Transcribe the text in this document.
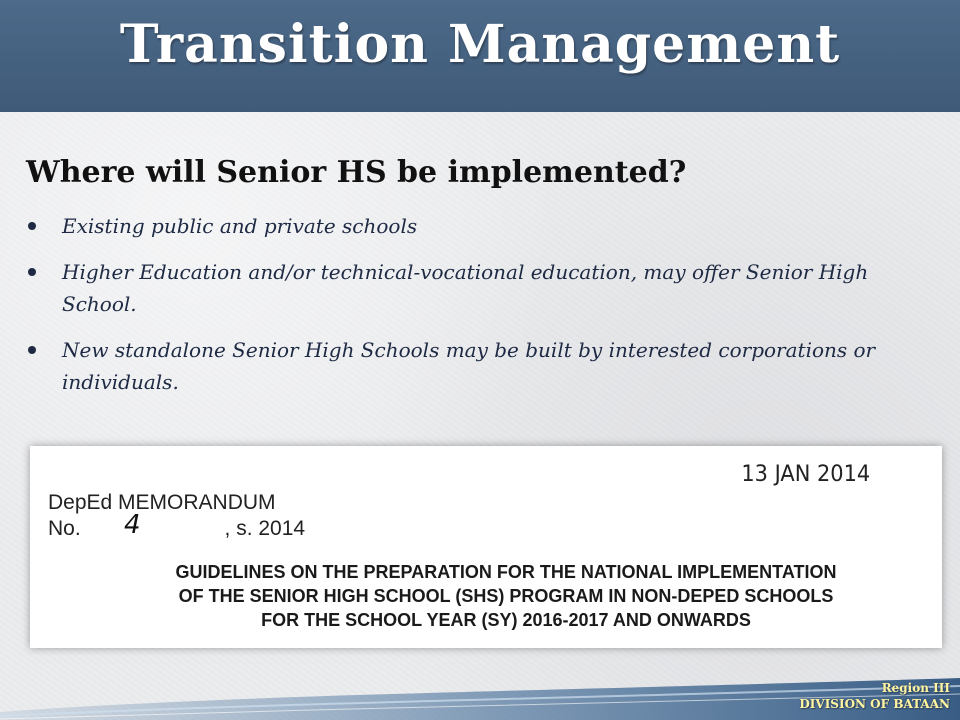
Transition Management
Where will Senior HS be implemented?
Existing public and private schools
Higher Education and/or technical-vocational education, may offer Senior High School.
New standalone Senior High Schools may be built by interested corporations or individuals.
13 JAN 2014
DepEd MEMORANDUM
No. 4	, s. 2014
GUIDELINES ON THE PREPARATION FOR THE NATIONAL IMPLEMENTATION
OF THE SENIOR HIGH SCHOOL (SHS) PROGRAM IN NON-DEPED SCHOOLS
FOR THE SCHOOL YEAR (SY) 2016-2017 AND ONWARDS
Region III
DIVISION OF BATAAN
